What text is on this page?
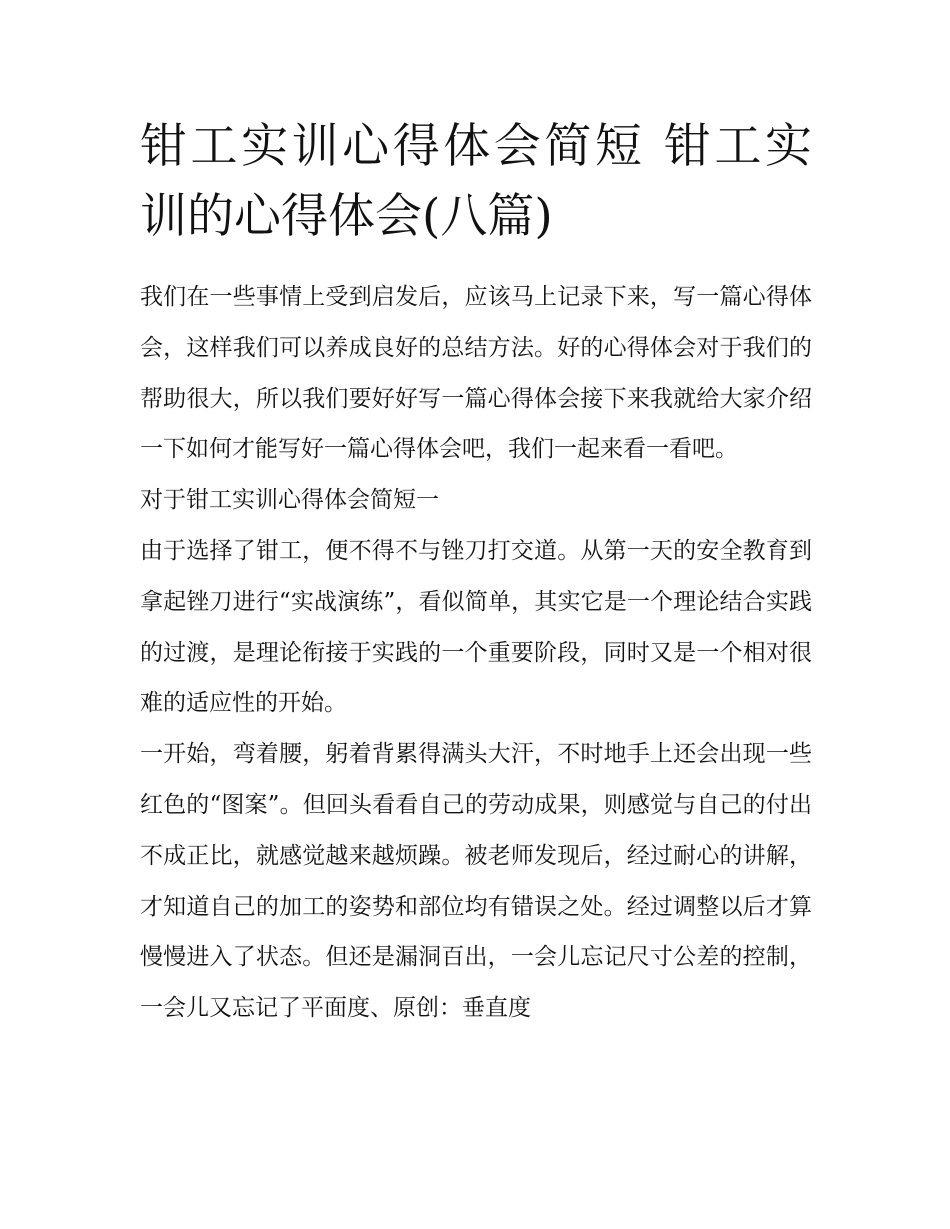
钳工实训心得体会简短 钳工实训的心得体会(八篇)

我们在一些事情上受到启发后，应该马上记录下来，写一篇心得体会，这样我们可以养成良好的总结方法。好的心得体会对于我们的帮助很大，所以我们要好好写一篇心得体会接下来我就给大家介绍一下如何才能写好一篇心得体会吧，我们一起来看一看吧。

对于钳工实训心得体会简短一

由于选择了钳工，便不得不与锉刀打交道。从第一天的安全教育到拿起锉刀进行“实战演练”，看似简单，其实它是一个理论结合实践的过渡，是理论衔接于实践的一个重要阶段，同时又是一个相对很难的适应性的开始。

一开始，弯着腰，躬着背累得满头大汗，不时地手上还会出现一些红色的“图案”。但回头看看自己的劳动成果，则感觉与自己的付出不成正比，就感觉越来越烦躁。被老师发现后，经过耐心的讲解，才知道自己的加工的姿势和部位均有错误之处。经过调整以后才算慢慢进入了状态。但还是漏洞百出，一会儿忘记尺寸公差的控制，一会儿又忘记了平面度、原创：垂直度
